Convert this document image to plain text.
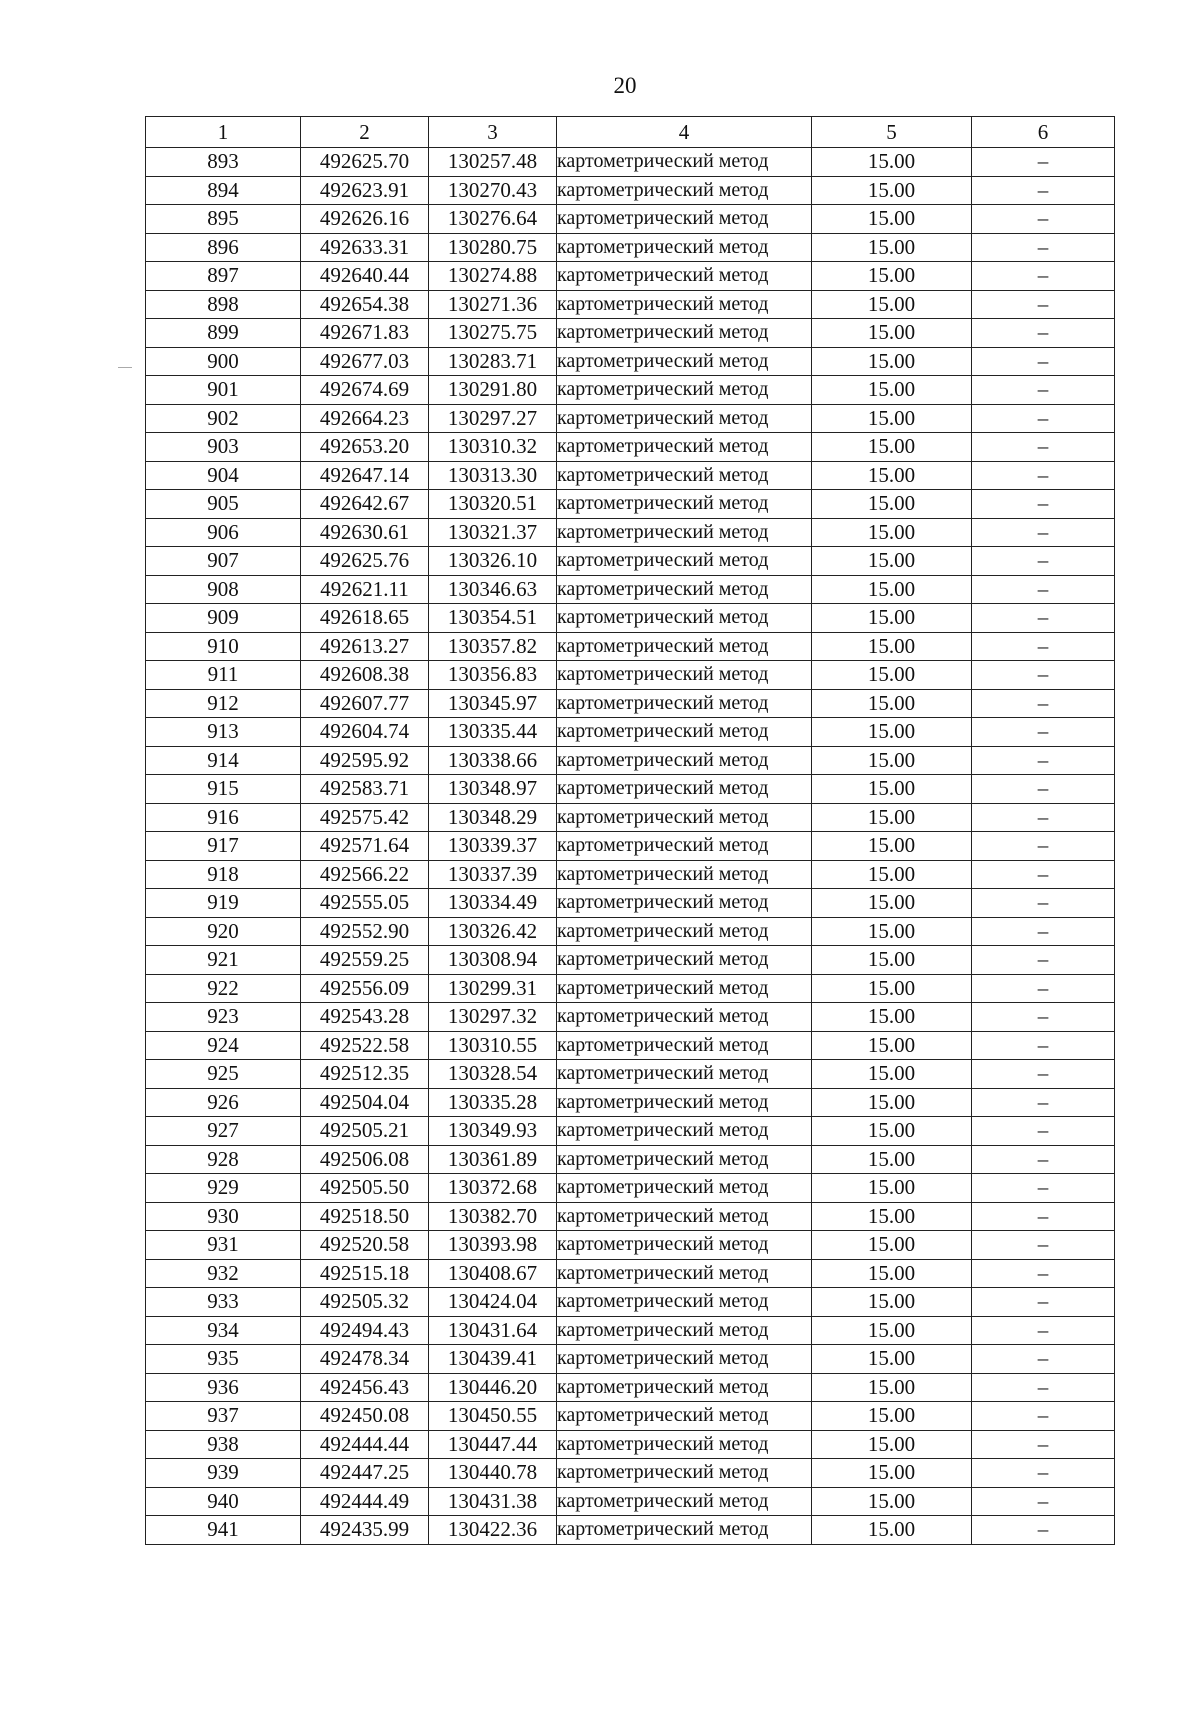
20
1	2	3	4	5	6
893	492625.70	130257.48	картометрический метод	15.00	–
894	492623.91	130270.43	картометрический метод	15.00	–
895	492626.16	130276.64	картометрический метод	15.00	–
896	492633.31	130280.75	картометрический метод	15.00	–
897	492640.44	130274.88	картометрический метод	15.00	–
898	492654.38	130271.36	картометрический метод	15.00	–
899	492671.83	130275.75	картометрический метод	15.00	–
900	492677.03	130283.71	картометрический метод	15.00	–
901	492674.69	130291.80	картометрический метод	15.00	–
902	492664.23	130297.27	картометрический метод	15.00	–
903	492653.20	130310.32	картометрический метод	15.00	–
904	492647.14	130313.30	картометрический метод	15.00	–
905	492642.67	130320.51	картометрический метод	15.00	–
906	492630.61	130321.37	картометрический метод	15.00	–
907	492625.76	130326.10	картометрический метод	15.00	–
908	492621.11	130346.63	картометрический метод	15.00	–
909	492618.65	130354.51	картометрический метод	15.00	–
910	492613.27	130357.82	картометрический метод	15.00	–
911	492608.38	130356.83	картометрический метод	15.00	–
912	492607.77	130345.97	картометрический метод	15.00	–
913	492604.74	130335.44	картометрический метод	15.00	–
914	492595.92	130338.66	картометрический метод	15.00	–
915	492583.71	130348.97	картометрический метод	15.00	–
916	492575.42	130348.29	картометрический метод	15.00	–
917	492571.64	130339.37	картометрический метод	15.00	–
918	492566.22	130337.39	картометрический метод	15.00	–
919	492555.05	130334.49	картометрический метод	15.00	–
920	492552.90	130326.42	картометрический метод	15.00	–
921	492559.25	130308.94	картометрический метод	15.00	–
922	492556.09	130299.31	картометрический метод	15.00	–
923	492543.28	130297.32	картометрический метод	15.00	–
924	492522.58	130310.55	картометрический метод	15.00	–
925	492512.35	130328.54	картометрический метод	15.00	–
926	492504.04	130335.28	картометрический метод	15.00	–
927	492505.21	130349.93	картометрический метод	15.00	–
928	492506.08	130361.89	картометрический метод	15.00	–
929	492505.50	130372.68	картометрический метод	15.00	–
930	492518.50	130382.70	картометрический метод	15.00	–
931	492520.58	130393.98	картометрический метод	15.00	–
932	492515.18	130408.67	картометрический метод	15.00	–
933	492505.32	130424.04	картометрический метод	15.00	–
934	492494.43	130431.64	картометрический метод	15.00	–
935	492478.34	130439.41	картометрический метод	15.00	–
936	492456.43	130446.20	картометрический метод	15.00	–
937	492450.08	130450.55	картометрический метод	15.00	–
938	492444.44	130447.44	картометрический метод	15.00	–
939	492447.25	130440.78	картометрический метод	15.00	–
940	492444.49	130431.38	картометрический метод	15.00	–
941	492435.99	130422.36	картометрический метод	15.00	–
